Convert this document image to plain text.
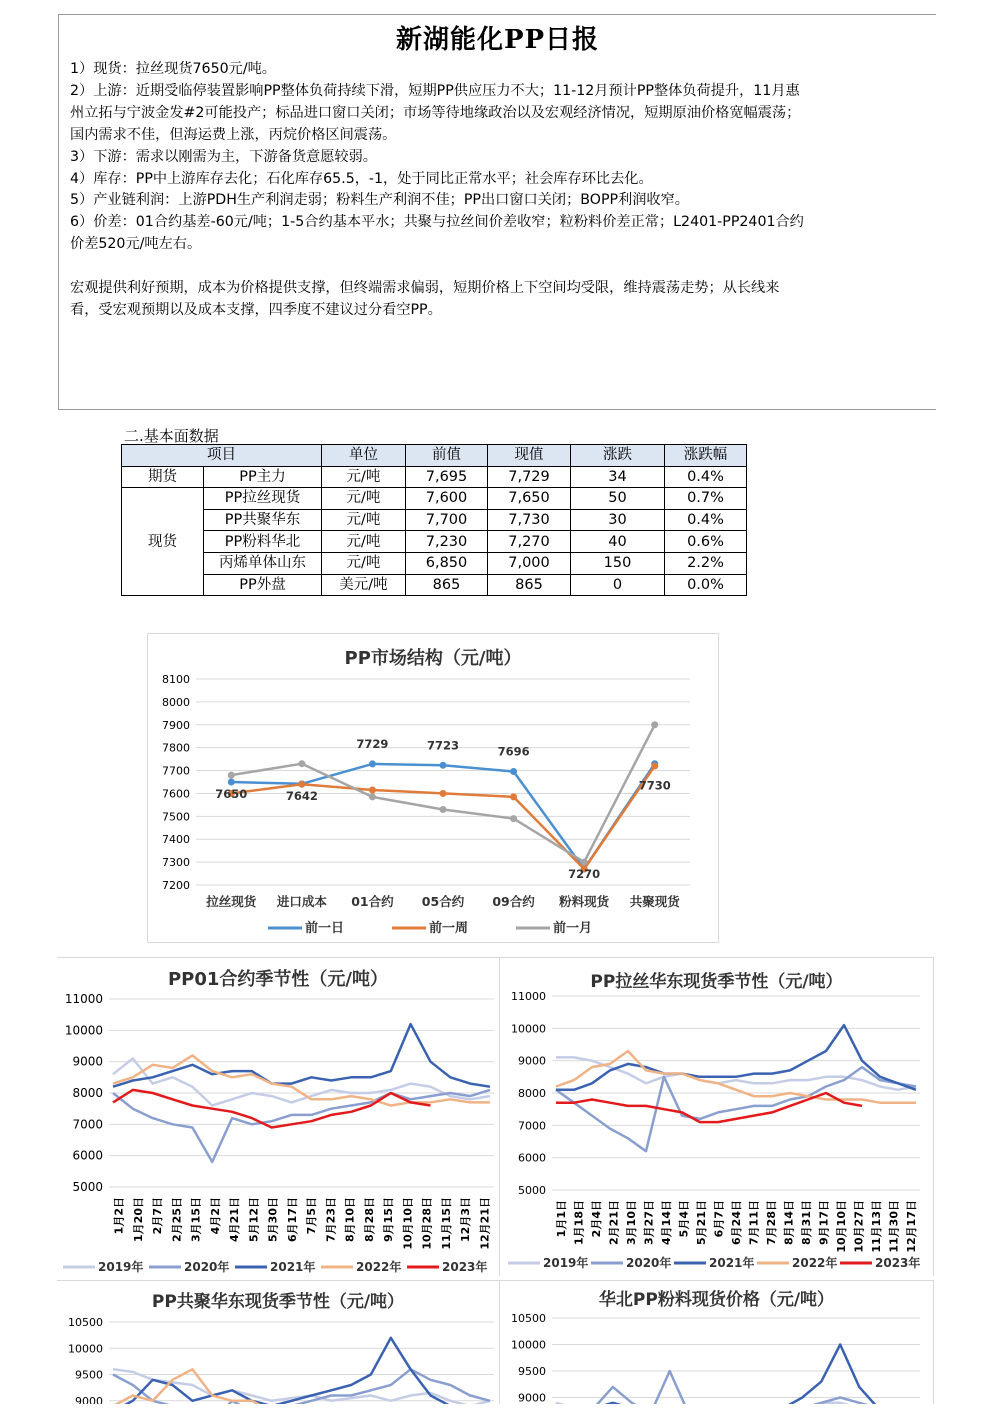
新湖能化PP日报

1）现货：拉丝现货7650元/吨。

2）上游：近期受临停装置影响PP整体负荷持续下滑，短期PP供应压力不大；11-12月预计PP整体负荷提升，11月惠

州立拓与宁波金发#2可能投产；标品进口窗口关闭；市场等待地缘政治以及宏观经济情况，短期原油价格宽幅震荡；

国内需求不佳，但海运费上涨，丙烷价格区间震荡。

3）下游：需求以刚需为主，下游备货意愿较弱。

4）库存：PP中上游库存去化；石化库存65.5，-1，处于同比正常水平；社会库存环比去化。

5）产业链利润：上游PDH生产利润走弱；粉料生产利润不佳；PP出口窗口关闭；BOPP利润收窄。

6）价差：01合约基差-60元/吨；1-5合约基本平水；共聚与拉丝间价差收窄；粒粉料价差正常；L2401-PP2401合约

价差520元/吨左右。

宏观提供利好预期，成本为价格提供支撑，但终端需求偏弱，短期价格上下空间均受限，维持震荡走势；从长线来

看，受宏观预期以及成本支撑，四季度不建议过分看空PP。

二.基本面数据
项目		单位	前值	现值	涨跌	涨跌幅
期货	PP主力	元/吨	7,695	7,729	34	0.4%
现货	PP拉丝现货	元/吨	7,600	7,650	50	0.7%
	PP共聚华东	元/吨	7,700	7,730	30	0.4%
	PP粉料华北	元/吨	7,230	7,270	40	0.6%
	丙烯单体山东	元/吨	6,850	7,000	150	2.2%
	PP外盘	美元/吨	865	865	0	0.0%
PP市场结构（元/吨）
8100
8000
7900
7800
7700
7600
7500
7400
7300
7200
拉丝现货 进口成本 01合约 05合约 09合约 粉料现货 共聚现货
7650	7642
7729	7723	7696
7270
7730
前一日	前一周	前一月
PP01合约季节性（元/吨）
11000
10000
9000
8000
7000
6000
5000
1月2日 1月20日 2月7日 2月25日 3月15日 4月2日 4月21日 5月12日 5月30日 6月17日 7月5日 7月23日 8月10日 8月28日 9月15日 10月10日 10月28日 11月15日 12月3日 12月21日
2019年	2020年	2021年	2022年	2023年
PP拉丝华东现货季节性（元/吨）
11000
10000
9000
8000
7000
6000
5000
1月1日 1月18日 2月4日 2月21日 3月10日 3月27日 4月14日 5月4日 5月21日 6月7日 6月24日 7月11日 7月28日 8月14日 8月31日 9月17日 10月10日 10月27日 11月13日 11月30日 12月17日
2019年	2020年	2021年	2022年	2023年
PP共聚华东现货季节性（元/吨）
10500
10000
9500
9000
华北PP粉料现货价格（元/吨）
10500
10000
9500
9000
